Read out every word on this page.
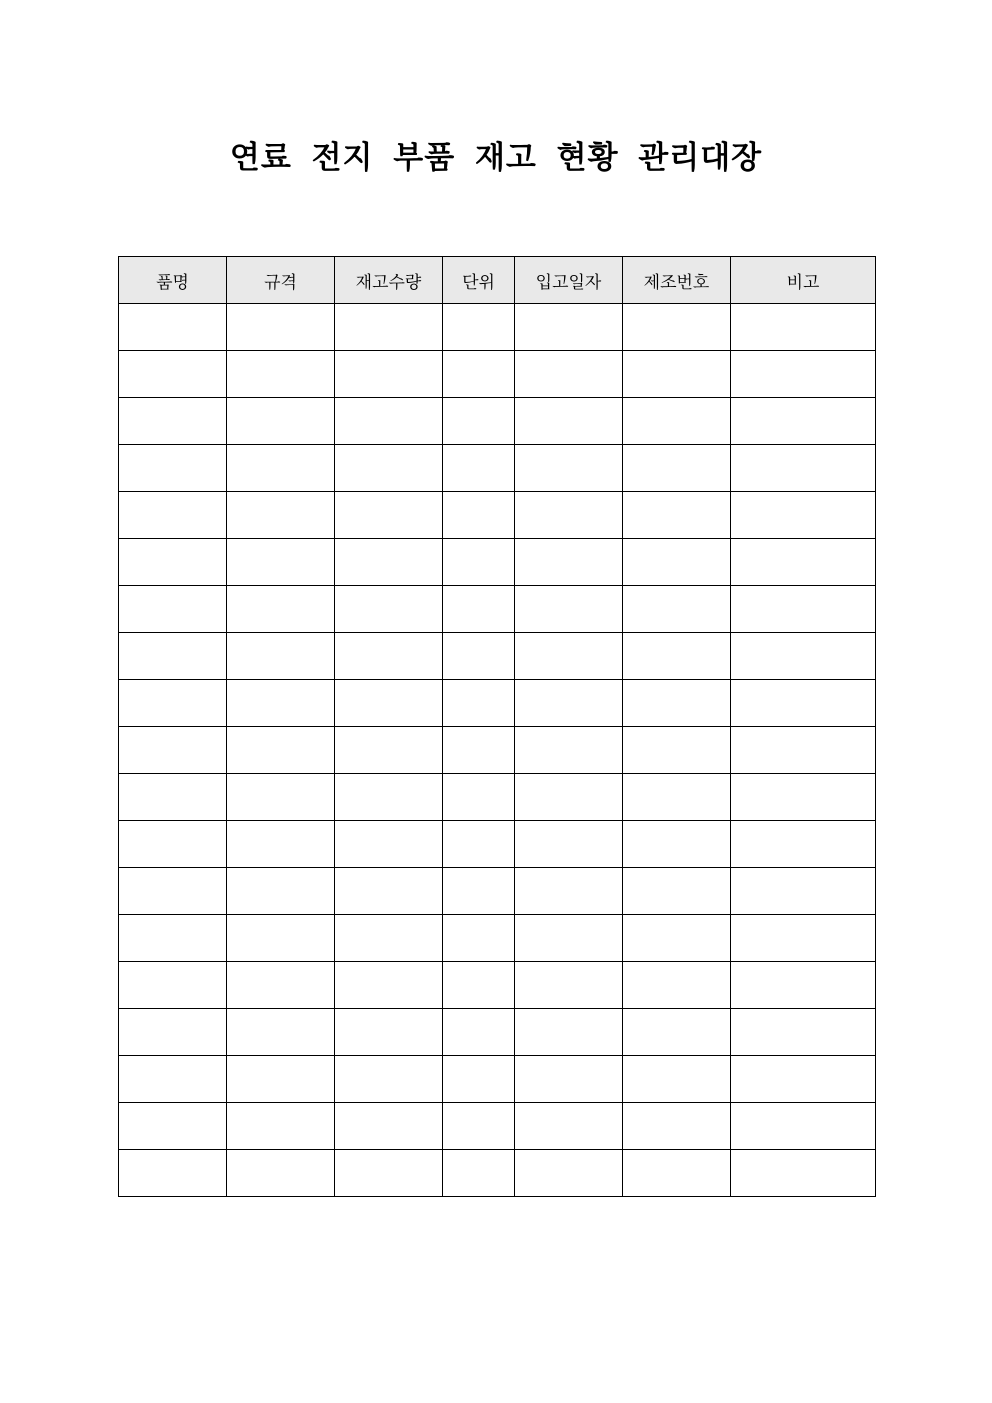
연료 전지 부품 재고 현황 관리대장
품명	규격	재고수량	단위	입고일자	제조번호	비고
